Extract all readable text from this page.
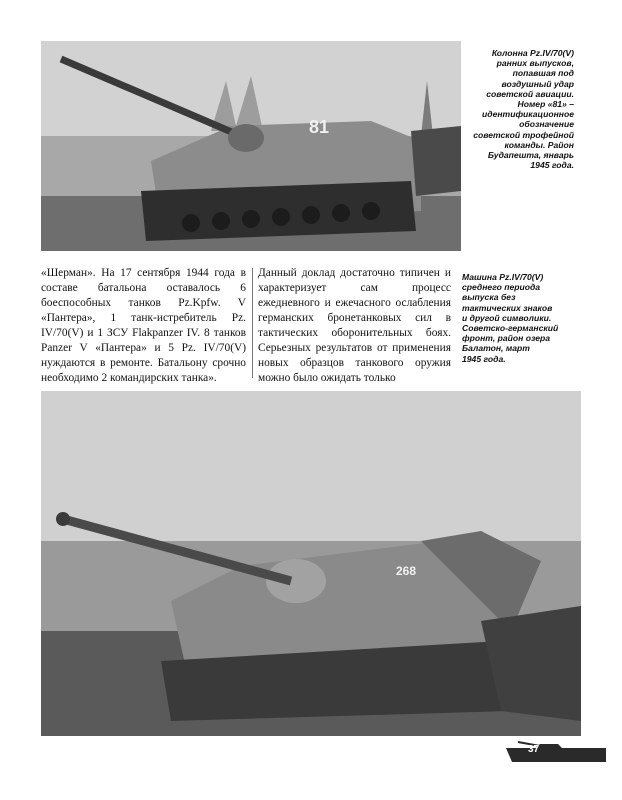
81
Колонна Pz.IV/70(V)
ранних выпусков,
попавшая под
воздушный удар
советской авиации.
Номер «81» –
идентификационное
обозначение
советской трофейной
команды. Район
Будапешта, январь
1945 года.
«Шерман». На 17 сентября 1944 года в составе батальона оставалось 6 боеспособных танков Pz.Kpfw. V «Пантера», 1 танк-истребитель Pz. IV/70(V) и 1 ЗСУ Flakpanzer IV. 8 танков Panzer V «Пантера» и 5 Pz. IV/70(V) нуждаются в ремонте. Батальону срочно необходимо 2 командирских танка».
Данный доклад достаточно типичен и характеризует сам процесс ежедневного и ежечасного ослабления германских бронетанковых сил в тактических оборонительных боях. Серьезных результатов от применения новых образцов танкового оружия можно было ожидать только
Машина Pz.IV/70(V)
среднего периода
выпуска без
тактических знаков
и другой символики.
Советско-германский
фронт, район озера
Балатон, март
1945 года.
268
37
